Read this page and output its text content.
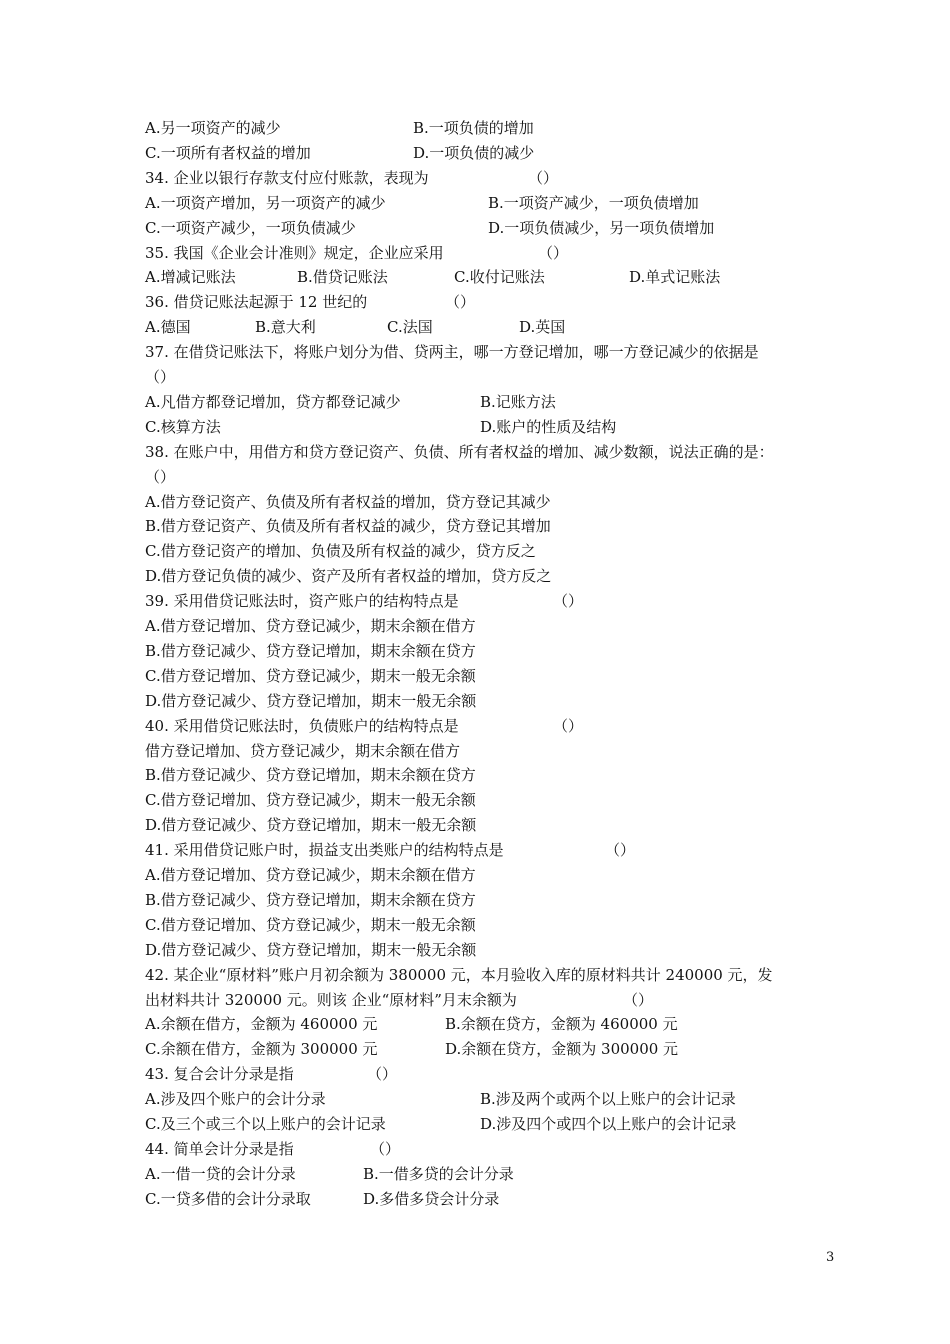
A.另一项资产的减少	B.一项负债的增加
C.一项所有者权益的增加	D.一项负债的减少
34. 企业以银行存款支付应付账款，表现为	（）
A.一项资产增加，另一项资产的减少	B.一项资产减少，一项负债增加
C.一项资产减少，一项负债减少	D.一项负债减少，另一项负债增加
35. 我国《企业会计准则》规定，企业应采用	（）
A.增减记账法	B.借贷记账法	C.收付记账法	D.单式记账法
36. 借贷记账法起源于 12 世纪的	（）
A.德国	B.意大利	C.法国	D.英国
37. 在借贷记账法下，将账户划分为借、贷两主，哪一方登记增加，哪一方登记减少的依据是
（）
A.凡借方都登记增加，贷方都登记减少	B.记账方法
C.核算方法	D.账户的性质及结构
38. 在账户中，用借方和贷方登记资产、负债、所有者权益的增加、减少数额，说法正确的是：
（）
A.借方登记资产、负债及所有者权益的增加，贷方登记其减少
B.借方登记资产、负债及所有者权益的减少，贷方登记其增加
C.借方登记资产的增加、负债及所有权益的减少，贷方反之
D.借方登记负债的减少、资产及所有者权益的增加，贷方反之
39. 采用借贷记账法时，资产账户的结构特点是	（）
A.借方登记增加、贷方登记减少，期末余额在借方
B.借方登记减少、贷方登记增加，期末余额在贷方
C.借方登记增加、贷方登记减少，期末一般无余额
D.借方登记减少、贷方登记增加，期末一般无余额
40. 采用借贷记账法时，负债账户的结构特点是	（）
借方登记增加、贷方登记减少，期末余额在借方
B.借方登记减少、贷方登记增加，期末余额在贷方
C.借方登记增加、贷方登记减少，期末一般无余额
D.借方登记减少、贷方登记增加，期末一般无余额
41. 采用借贷记账户时，损益支出类账户的结构特点是	（）
A.借方登记增加、贷方登记减少，期末余额在借方
B.借方登记减少、贷方登记增加，期末余额在贷方
C.借方登记增加、贷方登记减少，期末一般无余额
D.借方登记减少、贷方登记增加，期末一般无余额
42. 某企业“原材料”账户月初余额为 380000 元，本月验收入库的原材料共计 240000 元，发
出材料共计 320000 元。则该 企业“原材料”月末余额为	（）
A.余额在借方，金额为 460000 元	B.余额在贷方，金额为 460000 元
C.余额在借方，金额为 300000 元	D.余额在贷方，金额为 300000 元
43. 复合会计分录是指	（）
A.涉及四个账户的会计分录	B.涉及两个或两个以上账户的会计记录
C.及三个或三个以上账户的会计记录	D.涉及四个或四个以上账户的会计记录
44. 简单会计分录是指	（）
A.一借一贷的会计分录	B.一借多贷的会计分录
C.一贷多借的会计分录取	D.多借多贷会计分录
3
